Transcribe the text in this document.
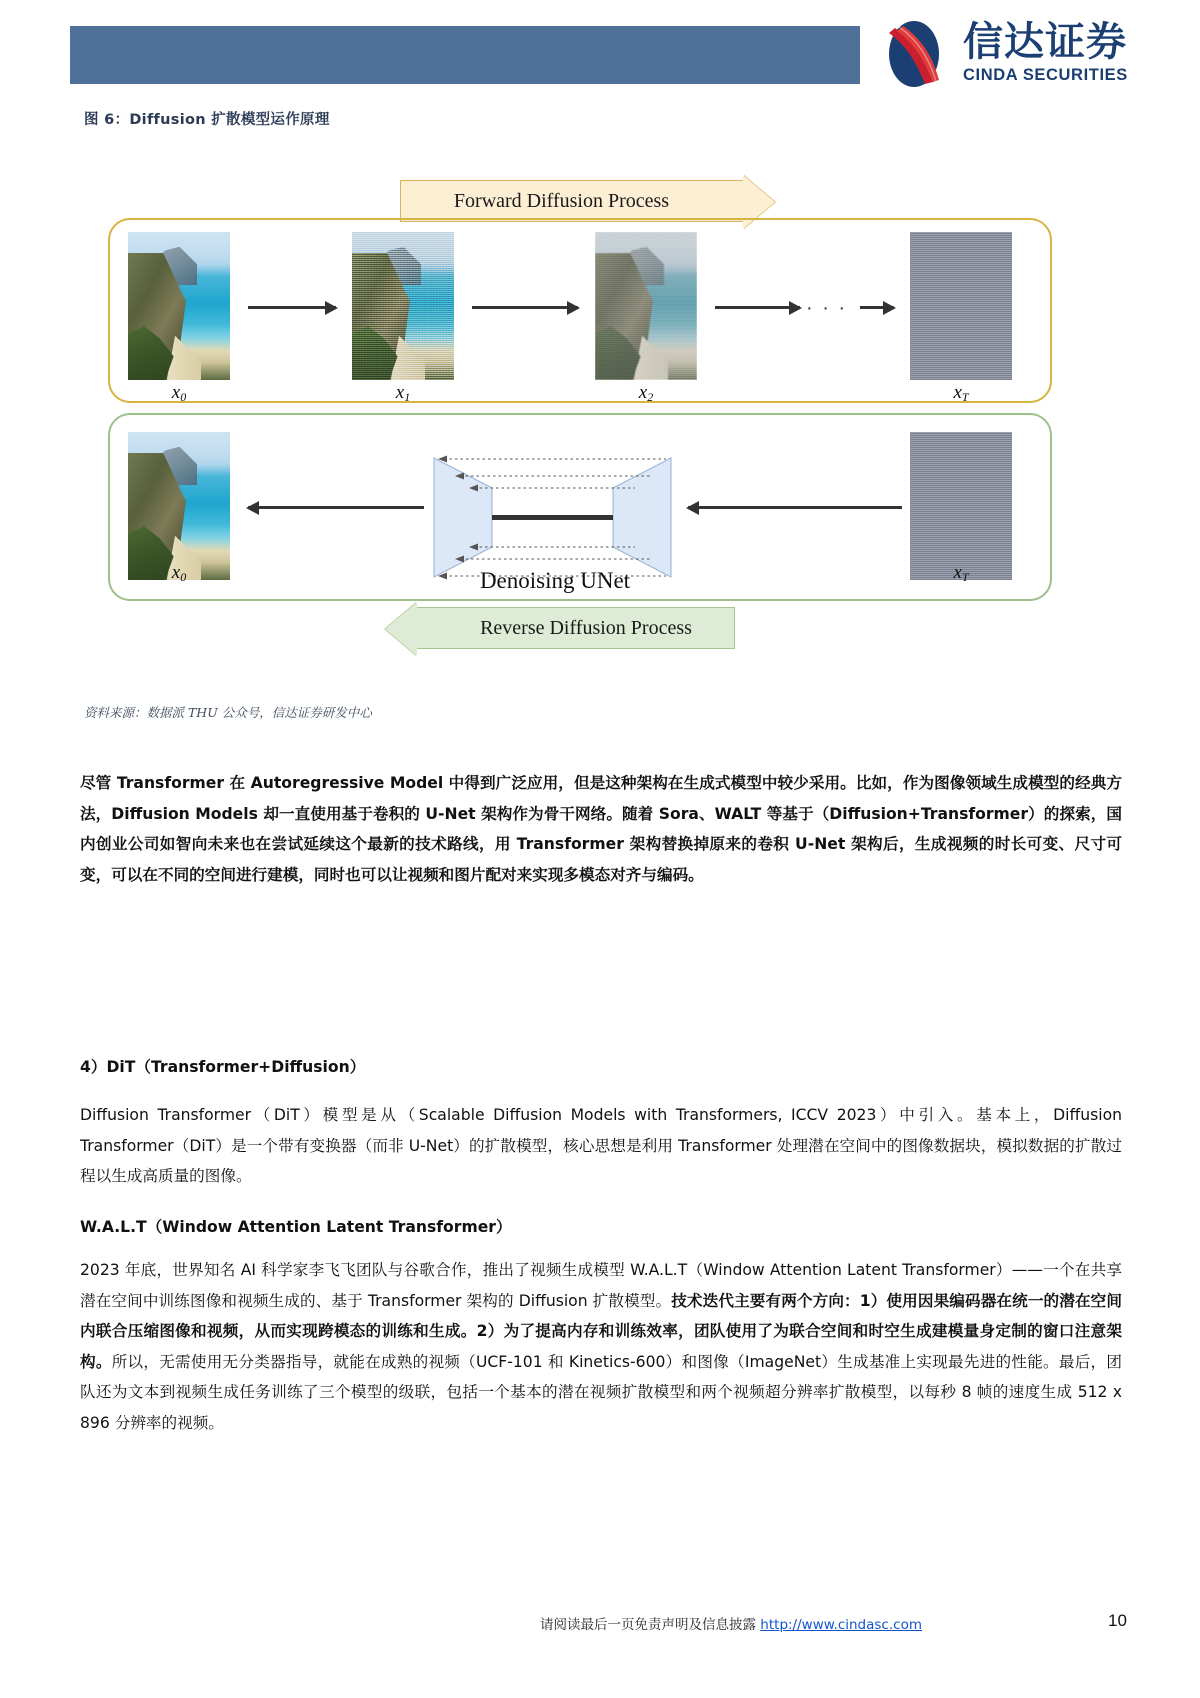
信达证券
CINDA SECURITIES
图 6：Diffusion 扩散模型运作原理
Forward Diffusion Process
$x_0$	$x_1$	$x_2$	$x_T$
· · ·
$x_0$	$x_T$
Denoising UNet
Reverse Diffusion Process
资料来源：数据派 THU 公众号，信达证券研发中心
尽管 Transformer 在 Autoregressive Model 中得到广泛应用，但是这种架构在生成式模型中较少采用。比如，作为图像领域生成模型的经典方法，Diffusion Models 却一直使用基于卷积的 U-Net 架构作为骨干网络。随着 Sora、WALT 等基于（Diffusion+Transformer）的探索，国内创业公司如智向未来也在尝试延续这个最新的技术路线，用 Transformer 架构替换掉原来的卷积 U-Net 架构后，生成视频的时长可变、尺寸可变，可以在不同的空间进行建模，同时也可以让视频和图片配对来实现多模态对齐与编码。
4）DiT（Transformer+Diffusion）
Diffusion Transformer（DiT）模型是从（Scalable Diffusion Models with Transformers, ICCV 2023）中引入。基本上，Diffusion Transformer（DiT）是一个带有变换器（而非 U-Net）的扩散模型，核心思想是利用 Transformer 处理潜在空间中的图像数据块，模拟数据的扩散过程以生成高质量的图像。
W.A.L.T（Window Attention Latent Transformer）
2023 年底，世界知名 AI 科学家李飞飞团队与谷歌合作，推出了视频生成模型 W.A.L.T（Window Attention Latent Transformer）——一个在共享潜在空间中训练图像和视频生成的、基于 Transformer 架构的 Diffusion 扩散模型。技术迭代主要有两个方向：1）使用因果编码器在统一的潜在空间内联合压缩图像和视频，从而实现跨模态的训练和生成。2）为了提高内存和训练效率，团队使用了为联合空间和时空生成建模量身定制的窗口注意架构。所以，无需使用无分类器指导，就能在成熟的视频（UCF-101 和 Kinetics-600）和图像（ImageNet）生成基准上实现最先进的性能。最后，团队还为文本到视频生成任务训练了三个模型的级联，包括一个基本的潜在视频扩散模型和两个视频超分辨率扩散模型，以每秒 8 帧的速度生成 512 x 896 分辨率的视频。
请阅读最后一页免责声明及信息披露 http://www.cindasc.com	10
